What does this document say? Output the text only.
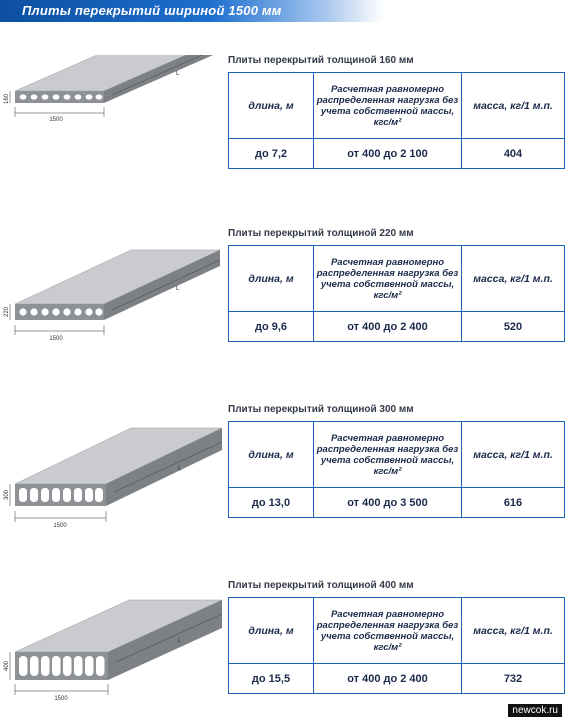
Плиты перекрытий шириной 1500 мм
1500
160
L
Плиты перекрытий толщиной 160 мм
длина, м	Расчетная равномерно распределенная нагрузка без учета собственной массы, кгс/м²	масса, кг/1 м.п.
до 7,2	от 400 до 2 100	404
1500
220
L
Плиты перекрытий толщиной 220 мм
длина, м	Расчетная равномерно распределенная нагрузка без учета собственной массы, кгс/м²	масса, кг/1 м.п.
до 9,6	от 400 до 2 400	520
1500
300
L
Плиты перекрытий толщиной 300 мм
длина, м	Расчетная равномерно распределенная нагрузка без учета собственной массы, кгс/м²	масса, кг/1 м.п.
до 13,0	от 400 до 3 500	616
1500
400
L
Плиты перекрытий толщиной 400 мм
длина, м	Расчетная равномерно распределенная нагрузка без учета собственной массы, кгс/м²	масса, кг/1 м.п.
до 15,5	от 400 до 2 400	732
newcok.ru
